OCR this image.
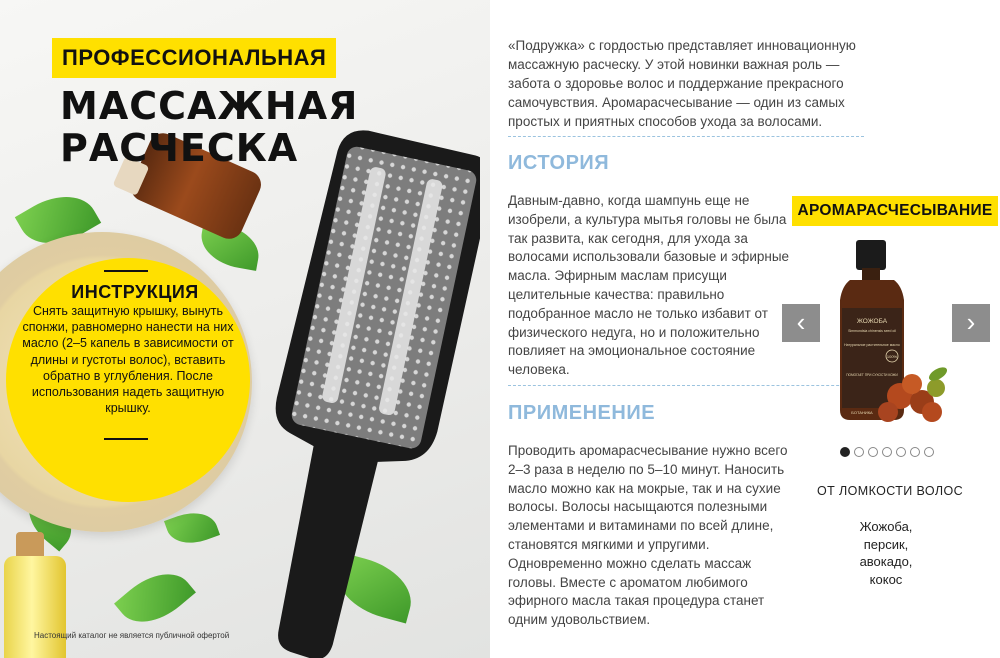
ИНСТРУКЦИЯ
Снять защитную крышку, вынуть спонжи, равномерно нанести на них масло (2–5 капель в зависимости от длины и густоты волос), вставить обратно в углубления. После использования надеть защитную крышку.
ПРОФЕССИОНАЛЬНАЯ
МАССАЖНАЯ
РАСЧЕСКА
Настоящий каталог не является публичной офертой
«Подружка» с гордостью представляет инновационную массажную расческу. У этой новинки важная роль — забота о здоровье волос и поддержание прекрасного самочувствия. Аромарасчесывание — один из самых простых и приятных способов ухода за волосами.
ИСТОРИЯ
Давным-давно, когда шампунь еще не изобрели, а культура мытья головы не была так развита, как сегодня, для ухода за волосами использовали базовые и эфирные масла. Эфирным маслам присущи целительные качества: правильно подобранное масло не только избавит от физического недуга, но и положительно повлияет на эмоциональное состояние человека.
ПРИМЕНЕНИЕ
Проводить аромарасчесывание нужно всего 2–3 раза в неделю по 5–10 минут. Наносить масло можно как на мокрые, так и на сухие волосы. Волосы насыщаются полезными элементами и витаминами по всей длине, становятся мягкими и упругими. Одновременно можно сделать массаж головы. Вместе с ароматом любимого эфирного масла такая процедура станет одним удовольствием.
АРОМАРАСЧЕСЫВАНИЕ
‹	ЖОЖОБА
Simmondsia chinensis seed oil
Натуральное растительное масло
100%
ПОМОГАЕТ ПРИ СУХОСТИ КОЖИ
БОТАНИКА
›
ОТ ЛОМКОСТИ ВОЛОС
Жожоба,
персик,
авокадо,
кокос
